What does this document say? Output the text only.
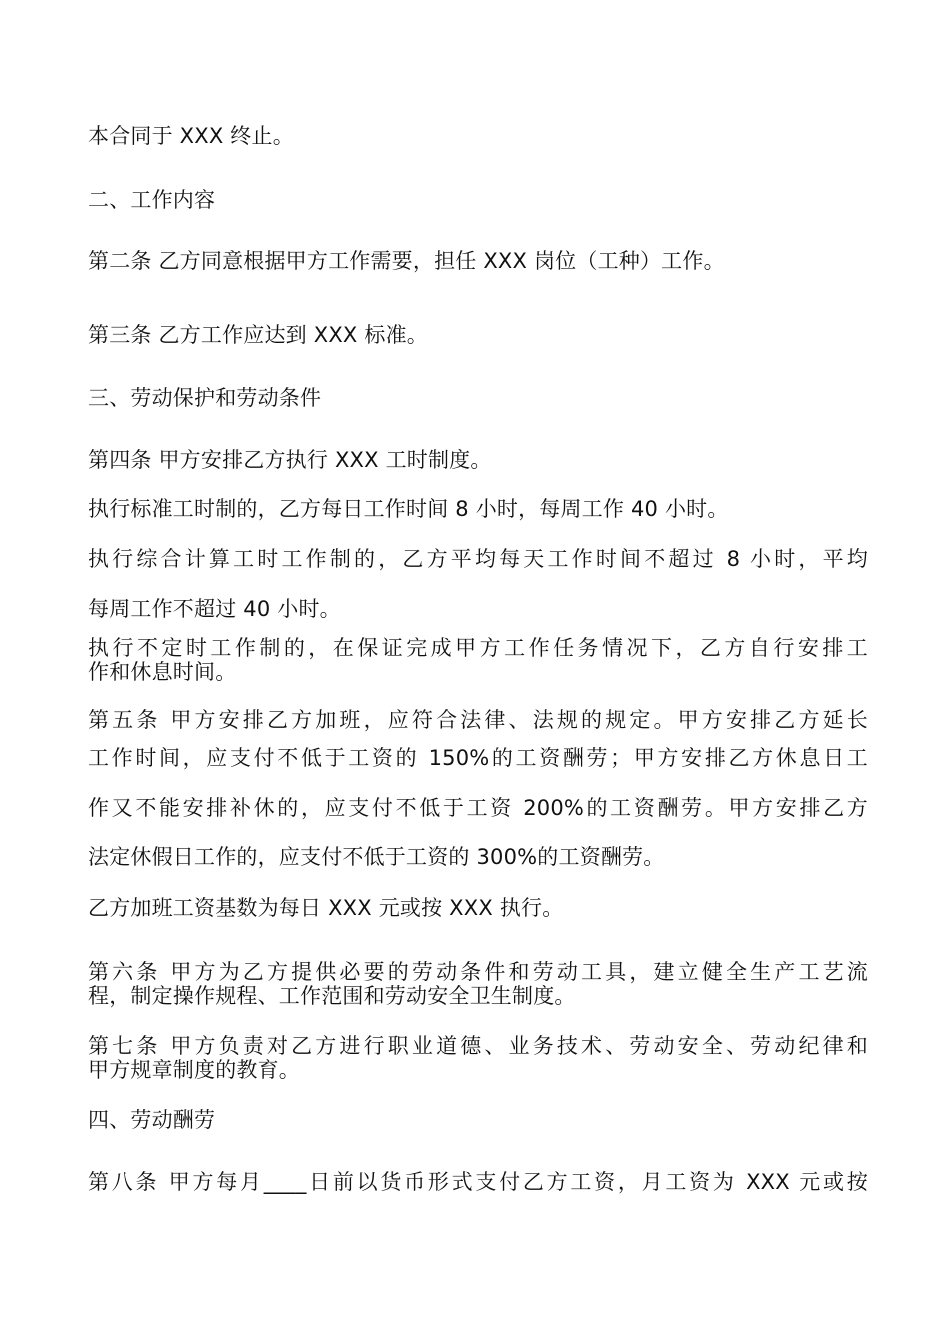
本合同于 XXX 终止。
二、工作内容
第二条 乙方同意根据甲方工作需要，担任 XXX 岗位（工种）工作。
第三条 乙方工作应达到 XXX 标准。
三、劳动保护和劳动条件
第四条 甲方安排乙方执行 XXX 工时制度。
执行标准工时制的，乙方每日工作时间 8 小时，每周工作 40 小时。
执行综合计算工时工作制的，乙方平均每天工作时间不超过 8 小时，平均
每周工作不超过 40 小时。
执行不定时工作制的，在保证完成甲方工作任务情况下，乙方自行安排工
作和休息时间。
第五条 甲方安排乙方加班，应符合法律、法规的规定。甲方安排乙方延长
工作时间，应支付不低于工资的 150%的工资酬劳；甲方安排乙方休息日工
作又不能安排补休的，应支付不低于工资 200%的工资酬劳。甲方安排乙方
法定休假日工作的，应支付不低于工资的 300%的工资酬劳。
乙方加班工资基数为每日 XXX 元或按 XXX 执行。
第六条 甲方为乙方提供必要的劳动条件和劳动工具，建立健全生产工艺流
程，制定操作规程、工作范围和劳动安全卫生制度。
第七条 甲方负责对乙方进行职业道德、业务技术、劳动安全、劳动纪律和
甲方规章制度的教育。
四、劳动酬劳
第八条 甲方每月____日前以货币形式支付乙方工资，月工资为 XXX 元或按
